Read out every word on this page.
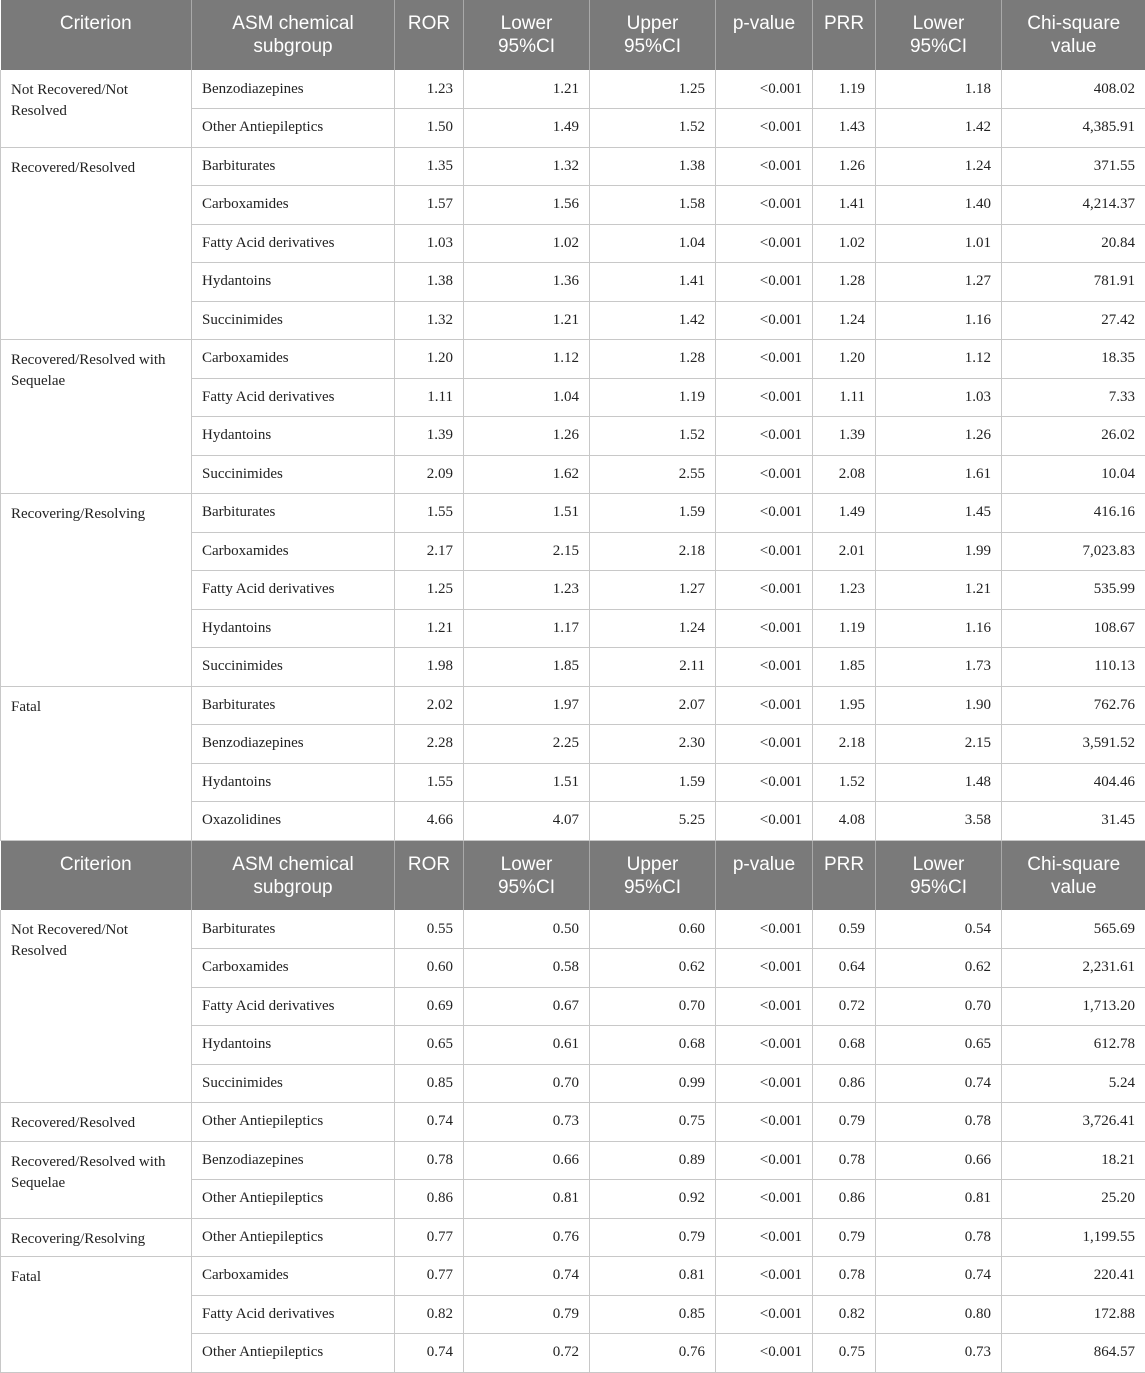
Criterion	ASM chemical subgroup	ROR	Lower 95%CI	Upper 95%CI	p-value	PRR	Lower 95%CI	Chi-square value
Not Recovered/Not Resolved	Benzodiazepines	1.23	1.21	1.25	<0.001	1.19	1.18	408.02
	Other Antiepileptics	1.50	1.49	1.52	<0.001	1.43	1.42	4,385.91
Recovered/Resolved	Barbiturates	1.35	1.32	1.38	<0.001	1.26	1.24	371.55
	Carboxamides	1.57	1.56	1.58	<0.001	1.41	1.40	4,214.37
	Fatty Acid derivatives	1.03	1.02	1.04	<0.001	1.02	1.01	20.84
	Hydantoins	1.38	1.36	1.41	<0.001	1.28	1.27	781.91
	Succinimides	1.32	1.21	1.42	<0.001	1.24	1.16	27.42
Recovered/Resolved with Sequelae	Carboxamides	1.20	1.12	1.28	<0.001	1.20	1.12	18.35
	Fatty Acid derivatives	1.11	1.04	1.19	<0.001	1.11	1.03	7.33
	Hydantoins	1.39	1.26	1.52	<0.001	1.39	1.26	26.02
	Succinimides	2.09	1.62	2.55	<0.001	2.08	1.61	10.04
Recovering/Resolving	Barbiturates	1.55	1.51	1.59	<0.001	1.49	1.45	416.16
	Carboxamides	2.17	2.15	2.18	<0.001	2.01	1.99	7,023.83
	Fatty Acid derivatives	1.25	1.23	1.27	<0.001	1.23	1.21	535.99
	Hydantoins	1.21	1.17	1.24	<0.001	1.19	1.16	108.67
	Succinimides	1.98	1.85	2.11	<0.001	1.85	1.73	110.13
Fatal	Barbiturates	2.02	1.97	2.07	<0.001	1.95	1.90	762.76
	Benzodiazepines	2.28	2.25	2.30	<0.001	2.18	2.15	3,591.52
	Hydantoins	1.55	1.51	1.59	<0.001	1.52	1.48	404.46
	Oxazolidines	4.66	4.07	5.25	<0.001	4.08	3.58	31.45
Criterion	ASM chemical subgroup	ROR	Lower 95%CI	Upper 95%CI	p-value	PRR	Lower 95%CI	Chi-square value
Not Recovered/Not Resolved	Barbiturates	0.55	0.50	0.60	<0.001	0.59	0.54	565.69
	Carboxamides	0.60	0.58	0.62	<0.001	0.64	0.62	2,231.61
	Fatty Acid derivatives	0.69	0.67	0.70	<0.001	0.72	0.70	1,713.20
	Hydantoins	0.65	0.61	0.68	<0.001	0.68	0.65	612.78
	Succinimides	0.85	0.70	0.99	<0.001	0.86	0.74	5.24
Recovered/Resolved	Other Antiepileptics	0.74	0.73	0.75	<0.001	0.79	0.78	3,726.41
Recovered/Resolved with Sequelae	Benzodiazepines	0.78	0.66	0.89	<0.001	0.78	0.66	18.21
	Other Antiepileptics	0.86	0.81	0.92	<0.001	0.86	0.81	25.20
Recovering/Resolving	Other Antiepileptics	0.77	0.76	0.79	<0.001	0.79	0.78	1,199.55
Fatal	Carboxamides	0.77	0.74	0.81	<0.001	0.78	0.74	220.41
	Fatty Acid derivatives	0.82	0.79	0.85	<0.001	0.82	0.80	172.88
	Other Antiepileptics	0.74	0.72	0.76	<0.001	0.75	0.73	864.57
